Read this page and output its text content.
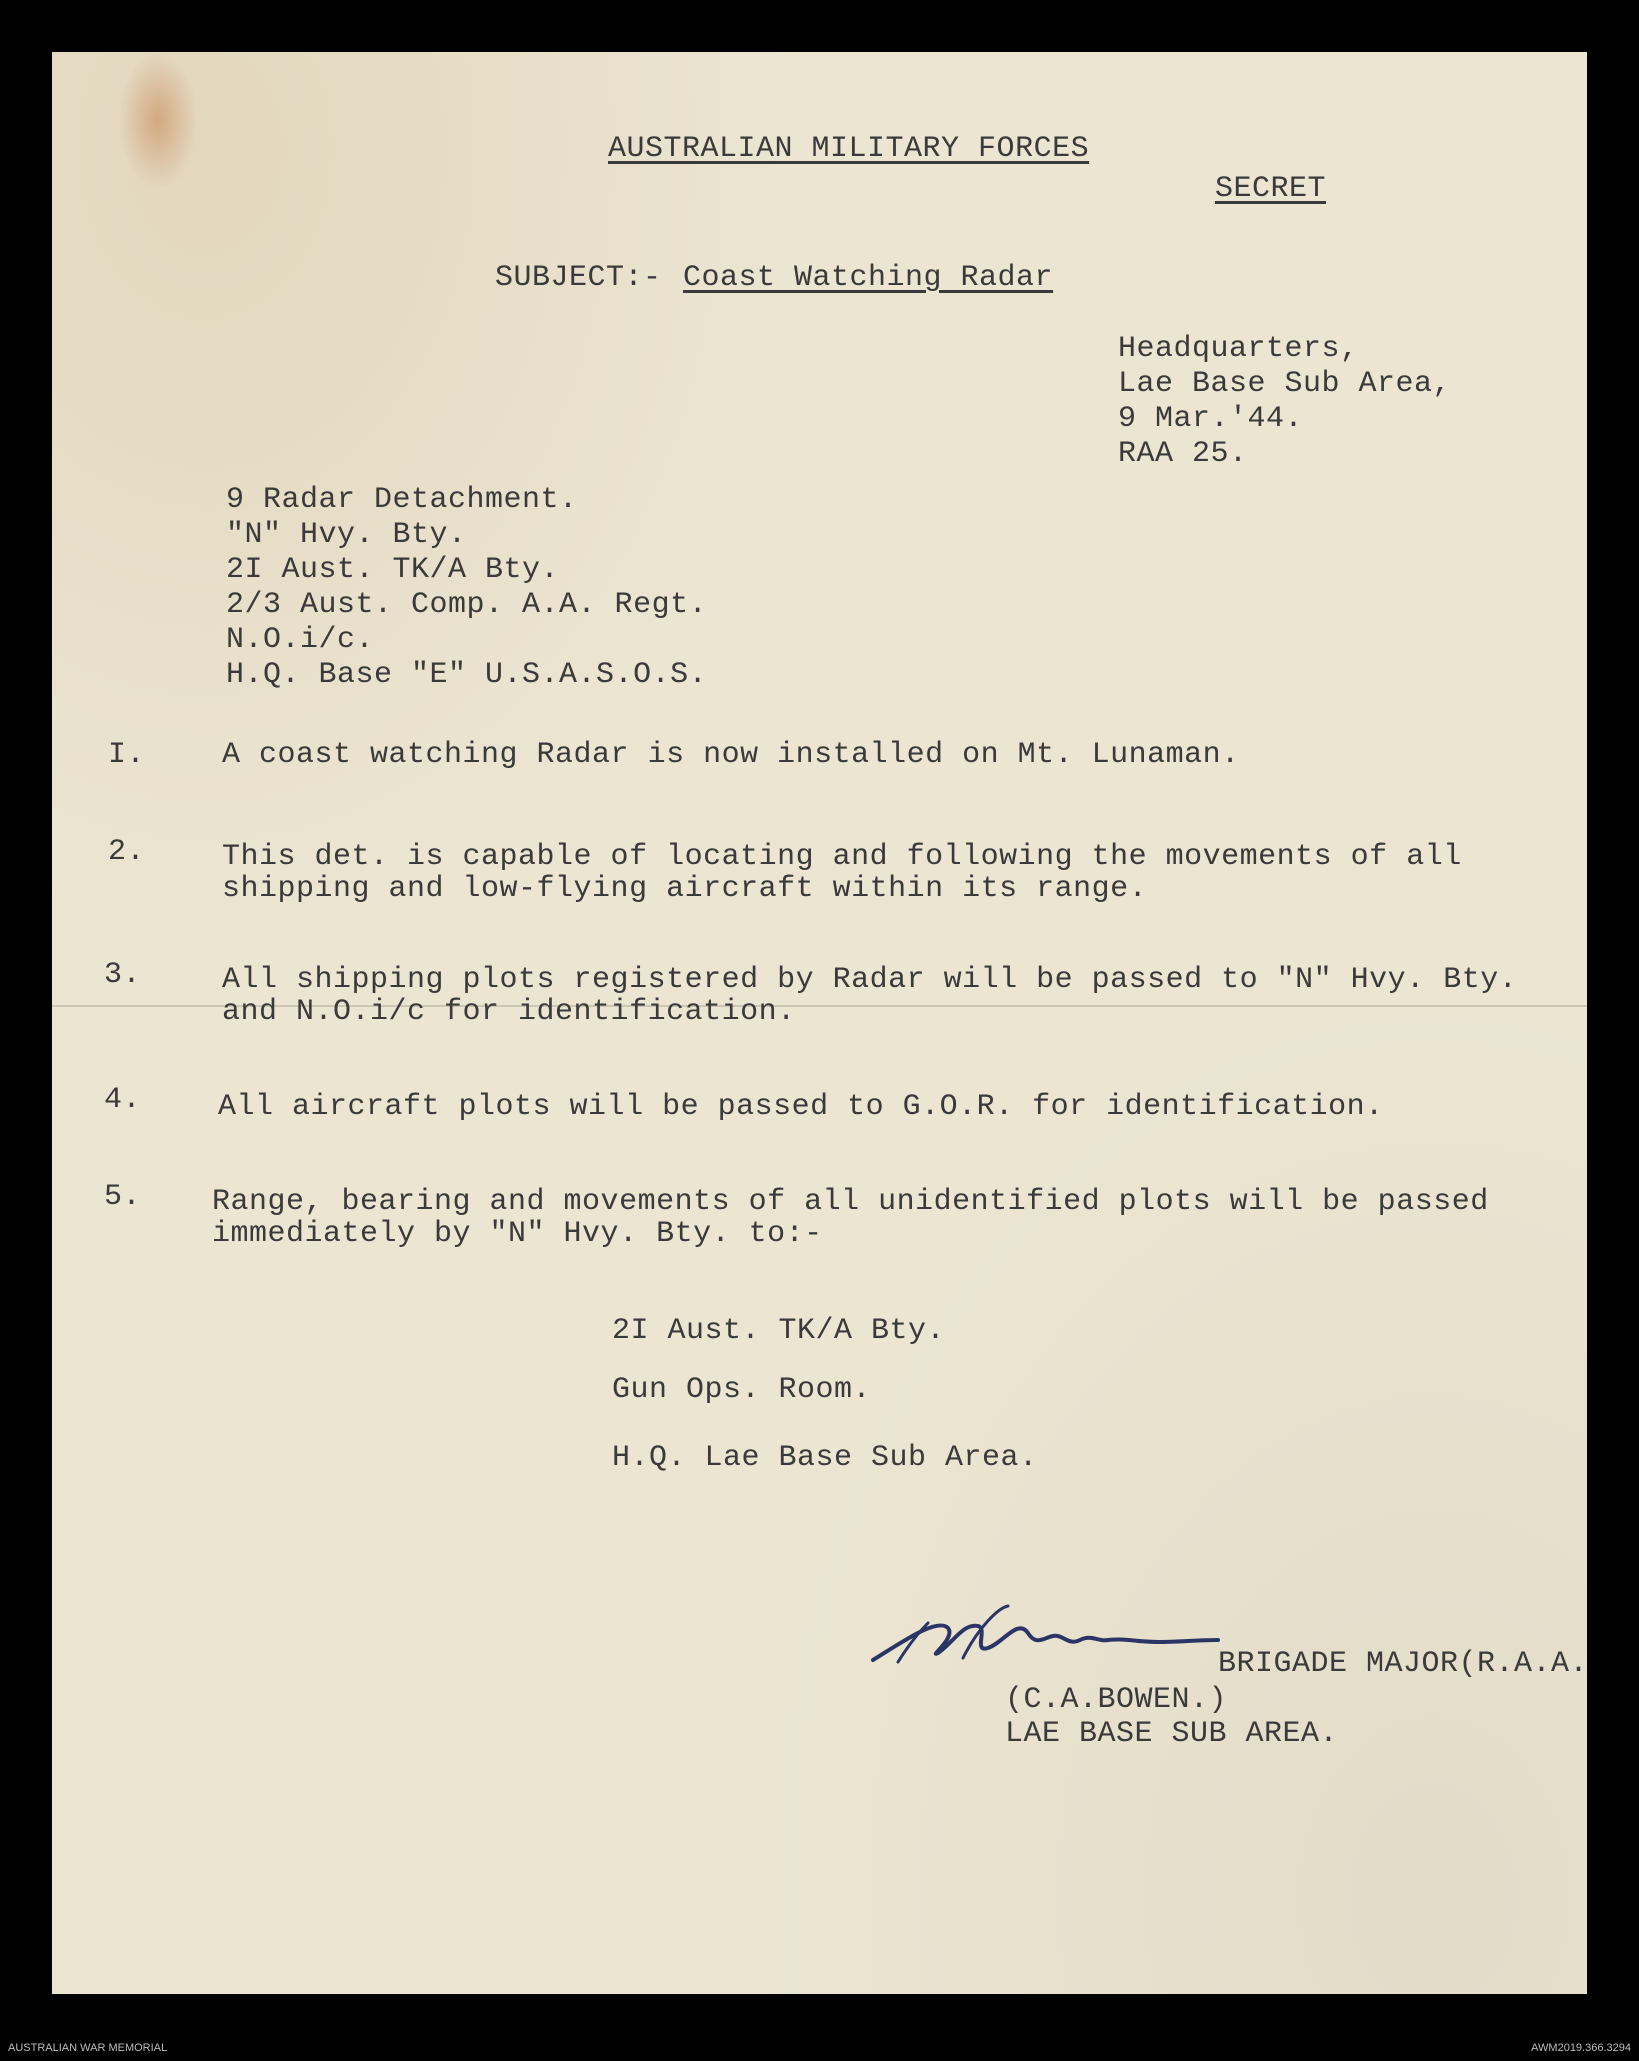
AUSTRALIAN MILITARY FORCES
SECRET
SUBJECT:- Coast Watching Radar
Headquarters,
Lae Base Sub Area,
9 Mar.'44.
RAA 25.
9 Radar Detachment.
"N" Hvy. Bty.
2I Aust. TK/A Bty.
2/3 Aust. Comp. A.A. Regt.
N.O.i/c.
H.Q. Base "E" U.S.A.S.O.S.
I.	A coast watching Radar is now installed on Mt. Lunaman.
2.	This det. is capable of locating and following the movements of all
shipping and low-flying aircraft within its range.
3.	All shipping plots registered by Radar will be passed to "N" Hvy. Bty.
and N.O.i/c for identification.
4.	All aircraft plots will be passed to G.O.R. for identification.
5. Range, bearing and movements of all unidentified plots will be passed
immediately by "N" Hvy. Bty. to:-
2I Aust. TK/A Bty.
Gun Ops. Room.
H.Q. Lae Base Sub Area.
BRIGADE MAJOR(R.A.A.
(C.A.BOWEN.)
LAE BASE SUB AREA.
AUSTRALIAN WAR MEMORIAL	AWM2019.366.3294
